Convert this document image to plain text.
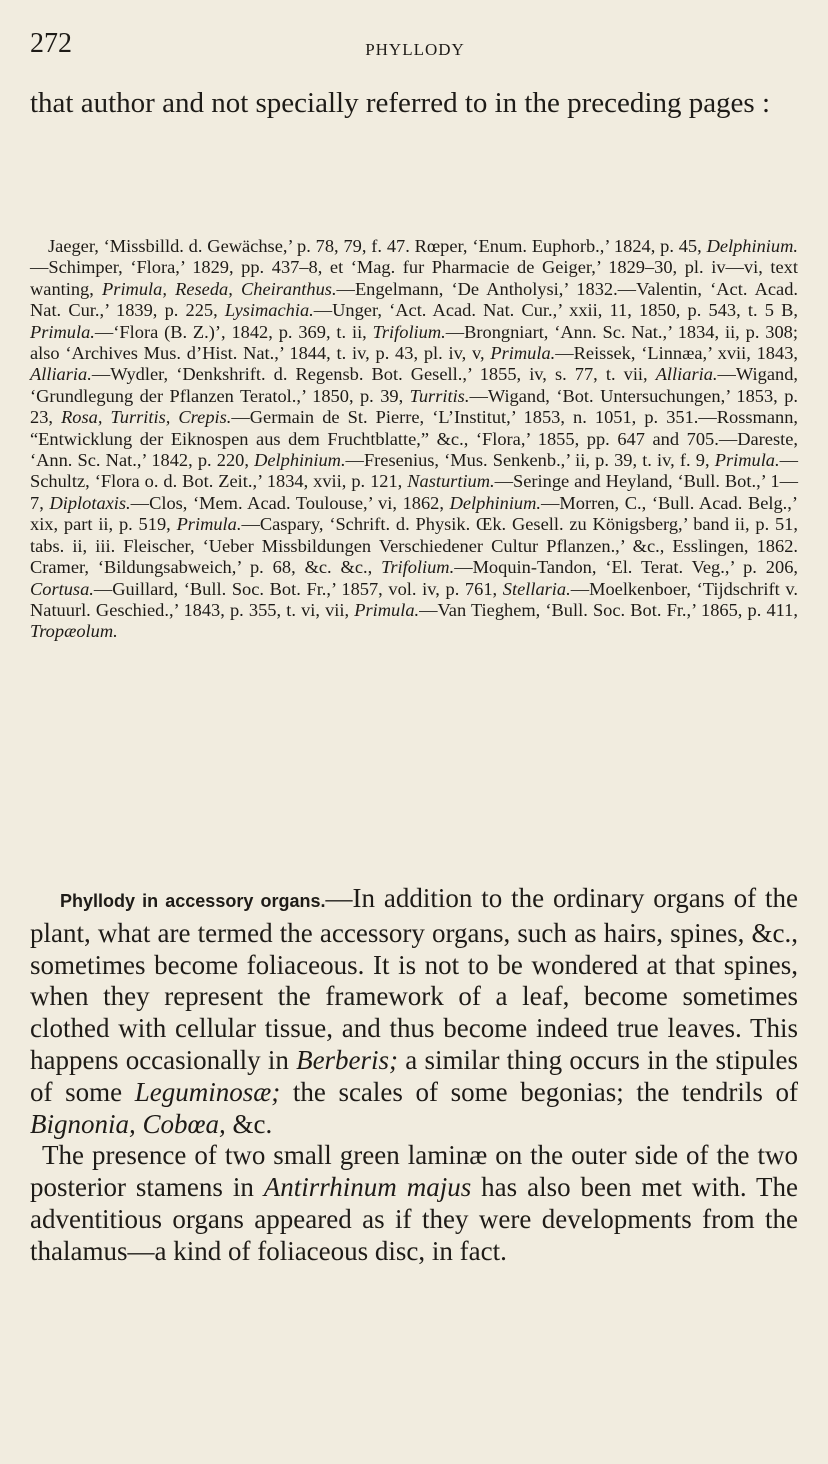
272	PHYLLODY
that author and not specially referred to in the preceding pages :
Jaeger, ‘Missbilld. d. Gewächse,’ p. 78, 79, f. 47. Rœper, ‘Enum. Euphorb.,’ 1824, p. 45, Delphinium.—Schimper, ‘Flora,’ 1829, pp. 437–8, et ‘Mag. fur Pharmacie de Geiger,’ 1829–30, pl. iv—vi, text wanting, Primula, Reseda, Cheiranthus.—Engelmann, ‘De Antholysi,’ 1832.—Valentin, ‘Act. Acad. Nat. Cur.,’ 1839, p. 225, Lysimachia.—Unger, ‘Act. Acad. Nat. Cur.,’ xxii, 11, 1850, p. 543, t. 5 B, Primula.—‘Flora (B. Z.)’, 1842, p. 369, t. ii, Trifolium.—Brongniart, ‘Ann. Sc. Nat.,’ 1834, ii, p. 308; also ‘Archives Mus. d’Hist. Nat.,’ 1844, t. iv, p. 43, pl. iv, v, Primula.—Reissek, ‘Linnæa,’ xvii, 1843, Alliaria.—Wydler, ‘Denkshrift. d. Regensb. Bot. Gesell.,’ 1855, iv, s. 77, t. vii, Alliaria.—Wigand, ‘Grundlegung der Pflanzen Teratol.,’ 1850, p. 39, Turritis.—Wigand, ‘Bot. Untersuchungen,’ 1853, p. 23, Rosa, Turritis, Crepis.—Germain de St. Pierre, ‘L’Institut,’ 1853, n. 1051, p. 351.—Rossmann, “Entwicklung der Eiknospen aus dem Fruchtblatte,” &c., ‘Flora,’ 1855, pp. 647 and 705.—Dareste, ‘Ann. Sc. Nat.,’ 1842, p. 220, Delphinium.—Fresenius, ‘Mus. Senkenb.,’ ii, p. 39, t. iv, f. 9, Primula.—Schultz, ‘Flora o. d. Bot. Zeit.,’ 1834, xvii, p. 121, Nasturtium.—Seringe and Heyland, ‘Bull. Bot.,’ 1—7, Diplotaxis.—Clos, ‘Mem. Acad. Toulouse,’ vi, 1862, Delphinium.—Morren, C., ‘Bull. Acad. Belg.,’ xix, part ii, p. 519, Primula.—Caspary, ‘Schrift. d. Physik. Œk. Gesell. zu Königsberg,’ band ii, p. 51, tabs. ii, iii. Fleischer, ‘Ueber Missbildungen Verschiedener Cultur Pflanzen.,’ &c., Esslingen, 1862. Cramer, ‘Bildungsabweich,’ p. 68, &c. &c., Trifolium.—Moquin-Tandon, ‘El. Terat. Veg.,’ p. 206, Cortusa.—Guillard, ‘Bull. Soc. Bot. Fr.,’ 1857, vol. iv, p. 761, Stellaria.—Moelkenboer, ‘Tijdschrift v. Natuurl. Geschied.,’ 1843, p. 355, t. vi, vii, Primula.—Van Tieghem, ‘Bull. Soc. Bot. Fr.,’ 1865, p. 411, Tropæolum.

Phyllody in accessory organs.—In addition to the ordinary organs of the plant, what are termed the accessory organs, such as hairs, spines, &c., sometimes become foliaceous. It is not to be wondered at that spines, when they represent the framework of a leaf, become sometimes clothed with cellular tissue, and thus become indeed true leaves. This happens occasionally in Berberis; a similar thing occurs in the stipules of some Leguminosæ; the scales of some begonias; the tendrils of Bignonia, Cobœa, &c.

The presence of two small green laminæ on the outer side of the two posterior stamens in Antirrhinum majus has also been met with. The adventitious organs appeared as if they were developments from the thalamus—a kind of foliaceous disc, in fact.
